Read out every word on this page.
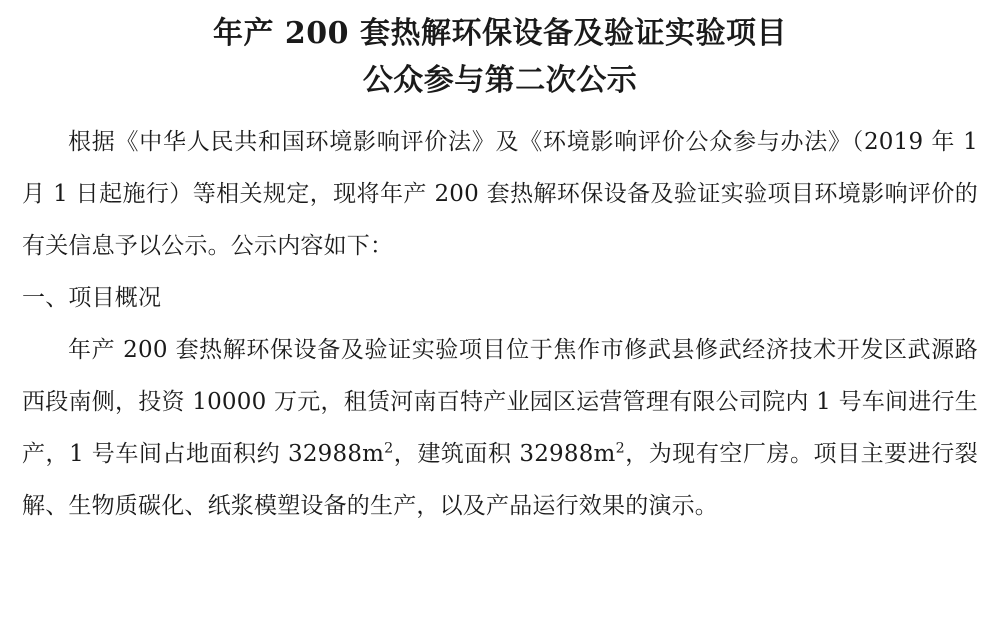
年产 200 套热解环保设备及验证实验项目
公众参与第二次公示

根据《中华人民共和国环境影响评价法》及《环境影响评价公众参与办法》（2019 年 1 月 1 日起施行）等相关规定，现将年产 200 套热解环保设备及验证实验项目环境影响评价的有关信息予以公示。公示内容如下：

一、项目概况

年产 200 套热解环保设备及验证实验项目位于焦作市修武县修武经济技术开发区武源路西段南侧，投资 10000 万元，租赁河南百特产业园区运营管理有限公司院内 1 号车间进行生产，1 号车间占地面积约 $32988m^2$，建筑面积 $32988m^2$，为现有空厂房。项目主要进行裂解、生物质碳化、纸浆模塑设备的生产，以及产品运行效果的演示。
